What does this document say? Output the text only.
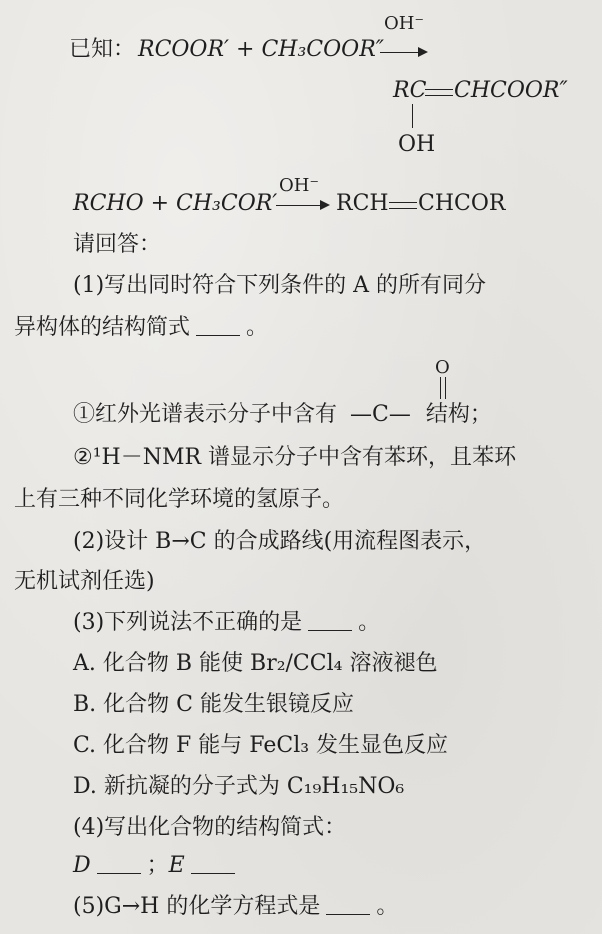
已知： RCOOR′ + CH₃COOR″
OH⁻
RC CHCOOR″
OH
RCHO + CH₃COR′
OH⁻
RCH CHCOR
请回答：
(1)写出同时符合下列条件的 A 的所有同分
异构体的结构简式	。
O
①红外光谱表示分子中含有 —C— 结构；
②¹H－NMR 谱显示分子中含有苯环，且苯环
上有三种不同化学环境的氢原子。
(2)设计 B→C 的合成路线(用流程图表示，
无机试剂任选)
(3)下列说法不正确的是	。
A. 化合物 B 能使 Br₂/CCl₄ 溶液褪色
B. 化合物 C 能发生银镜反应
C. 化合物 F 能与 FeCl₃ 发生显色反应
D. 新抗凝的分子式为 C₁₉H₁₅NO₆
(4)写出化合物的结构简式：
D	；E
(5)G→H 的化学方程式是	。
